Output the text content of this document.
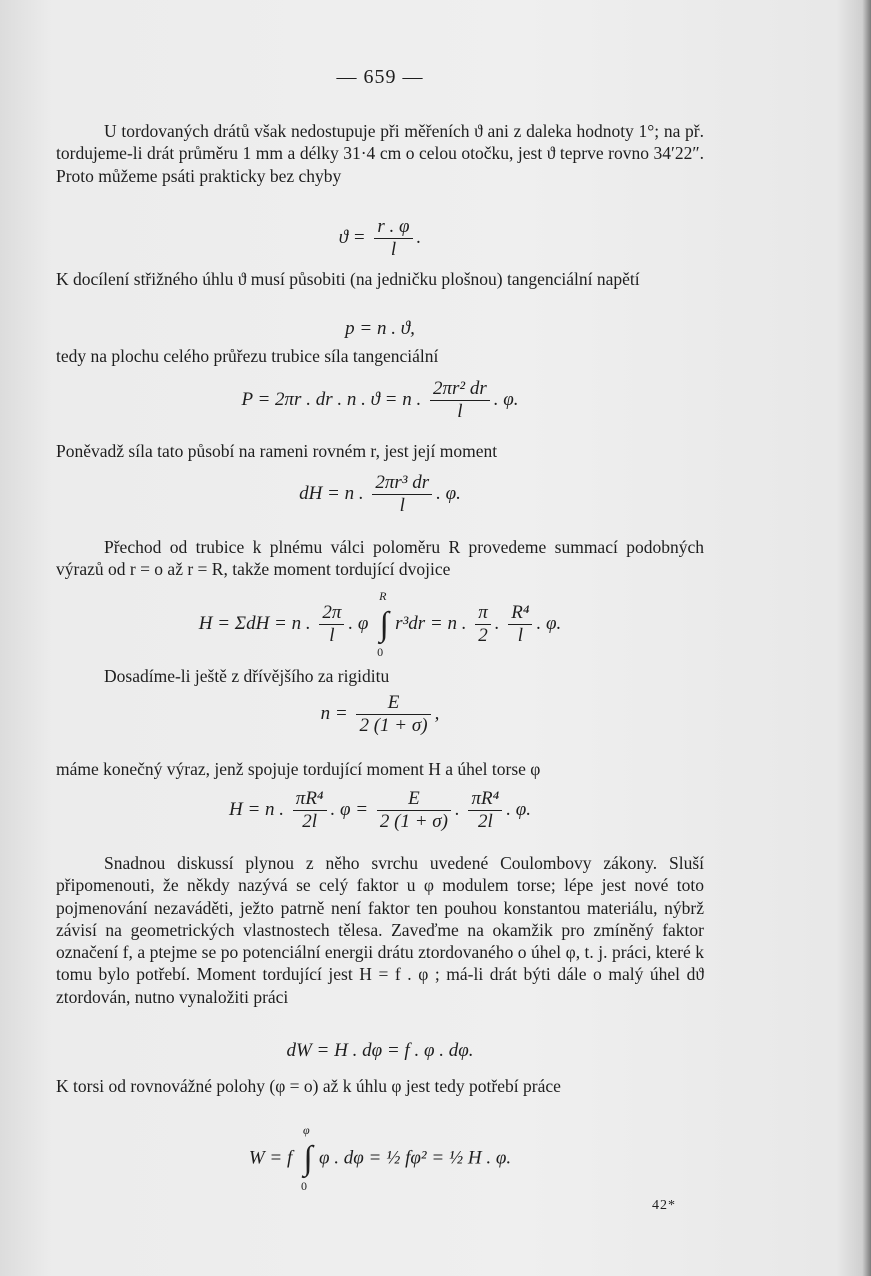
— 659 —

U tordovaných drátů však nedostupuje při měřeních ϑ ani z daleka hodnoty 1°; na př. tordujeme-li drát průměru 1 mm a délky 31·4 cm o celou otočku, jest ϑ teprve rovno 34′22″. Proto můžeme psáti prakticky bez chyby

$ϑ = \frac{r . \varphi}{l}$ .

K docílení střižného úhlu ϑ musí působiti (na jedničku plošnou) tangenciální napětí

p = n . ϑ,

tedy na plochu celého průřezu trubice síla tangenciální

P = 2πr . dr . n . ϑ = n . $\frac{\text{2πr² dr}}{l}$ . φ.

Poněvadž síla tato působí na rameni rovném r, jest její moment

dH = n . $\frac{\text{2πr³ dr}}{l}$ . φ.

Přechod od trubice k plnému válci poloměru R provedeme summací podobných výrazů od r = o až r = R, takže moment tordující dvojice

H = ΣdH = n . $\frac{2\pi}{l}$ . φ ∫
R
0
r³dr = n . $\frac{\pi}{2}$ . $\frac{\text{R⁴}}{l}$ . φ.

Dosadíme-li ještě z dřívějšího za rigiditu

$n = \frac{E}{2 (1 + \sigma)}$ ,

máme konečný výraz, jenž spojuje tordující moment H a úhel torse φ

H = n . $\frac{\text{πR⁴}}{2l}$ . $\varphi = \frac{E}{2 (1 + \sigma)}$ . $\frac{\text{πR⁴}}{2l}$ . φ.

Snadnou diskussí plynou z něho svrchu uvedené Coulombovy zákony. Sluší připomenouti, že někdy nazývá se celý faktor u φ modulem torse; lépe jest nové toto pojmenování nezaváděti, ježto patrně není faktor ten pouhou konstantou materiálu, nýbrž závisí na geometrických vlastnostech tělesa. Zaveďme na okamžik pro zmíněný faktor označení f, a ptejme se po potenciální energii drátu ztordovaného o úhel φ, t. j. práci, které k tomu bylo potřebí. Moment tordující jest H = f . φ ; má-li drát býti dále o malý úhel dϑ ztordován, nutno vynaložiti práci

dW = H . dφ = f . φ . dφ.

K torsi od rovnovážné polohy (φ = o) až k úhlu φ jest tedy potřebí práce

W = f ∫
φ
0
φ . dφ = ½ fφ² = ½ H . φ.
42*
